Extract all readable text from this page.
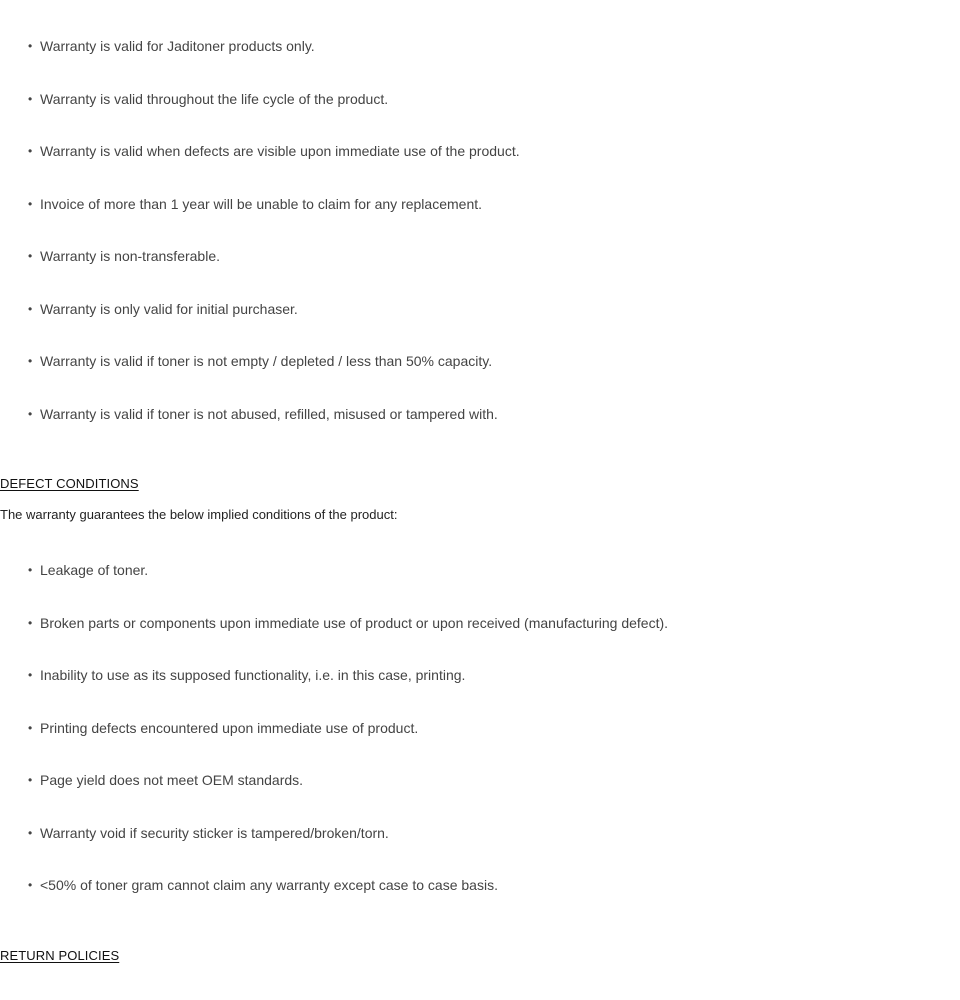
• Warranty is valid for Jaditoner products only.
• Warranty is valid throughout the life cycle of the product.
• Warranty is valid when defects are visible upon immediate use of the product.
• Invoice of more than 1 year will be unable to claim for any replacement.
• Warranty is non-transferable.
• Warranty is only valid for initial purchaser.
• Warranty is valid if toner is not empty / depleted / less than 50% capacity.
• Warranty is valid if toner is not abused, refilled, misused or tampered with.
DEFECT CONDITIONS

The warranty guarantees the below implied conditions of the product:

• Leakage of toner.
• Broken parts or components upon immediate use of product or upon received (manufacturing defect).
• Inability to use as its supposed functionality, i.e. in this case, printing.
• Printing defects encountered upon immediate use of product.
• Page yield does not meet OEM standards.
• Warranty void if security sticker is tampered/broken/torn.
• <50% of toner gram cannot claim any warranty except case to case basis.
RETURN POLICIES
